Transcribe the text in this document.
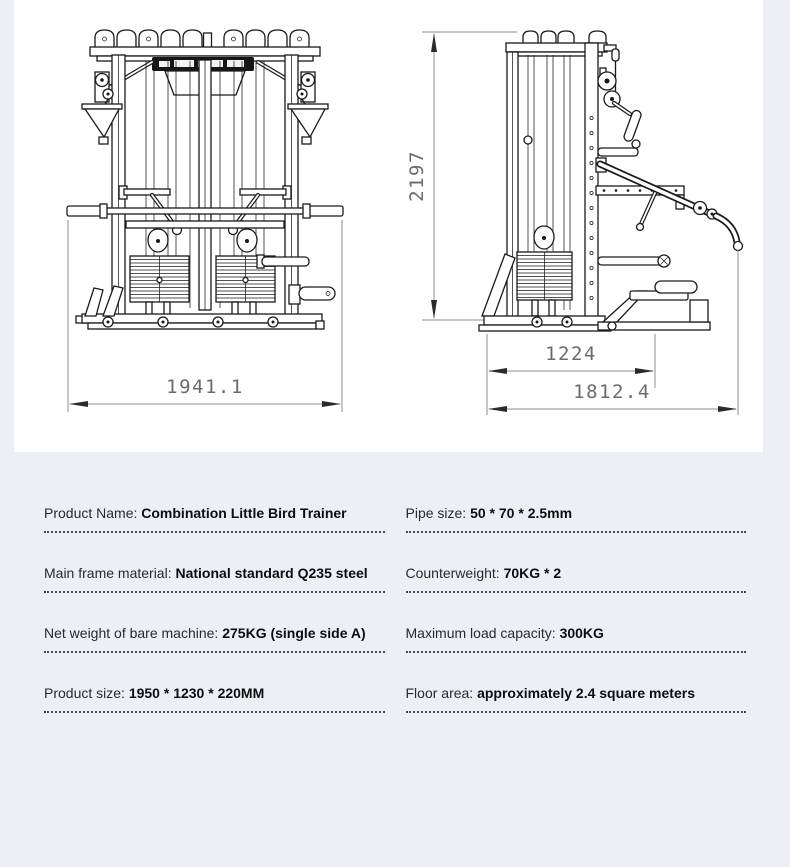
1941.1
2197
1224
1812.4
Product Name: Combination Little Bird Trainer	Pipe size: 50 * 70 * 2.5mm
Main frame material: National standard Q235 steel	Counterweight: 70KG * 2
Net weight of bare machine: 275KG (single side A)	Maximum load capacity: 300KG
Product size: 1950 * 1230 * 220MM	Floor area: approximately 2.4 square meters
